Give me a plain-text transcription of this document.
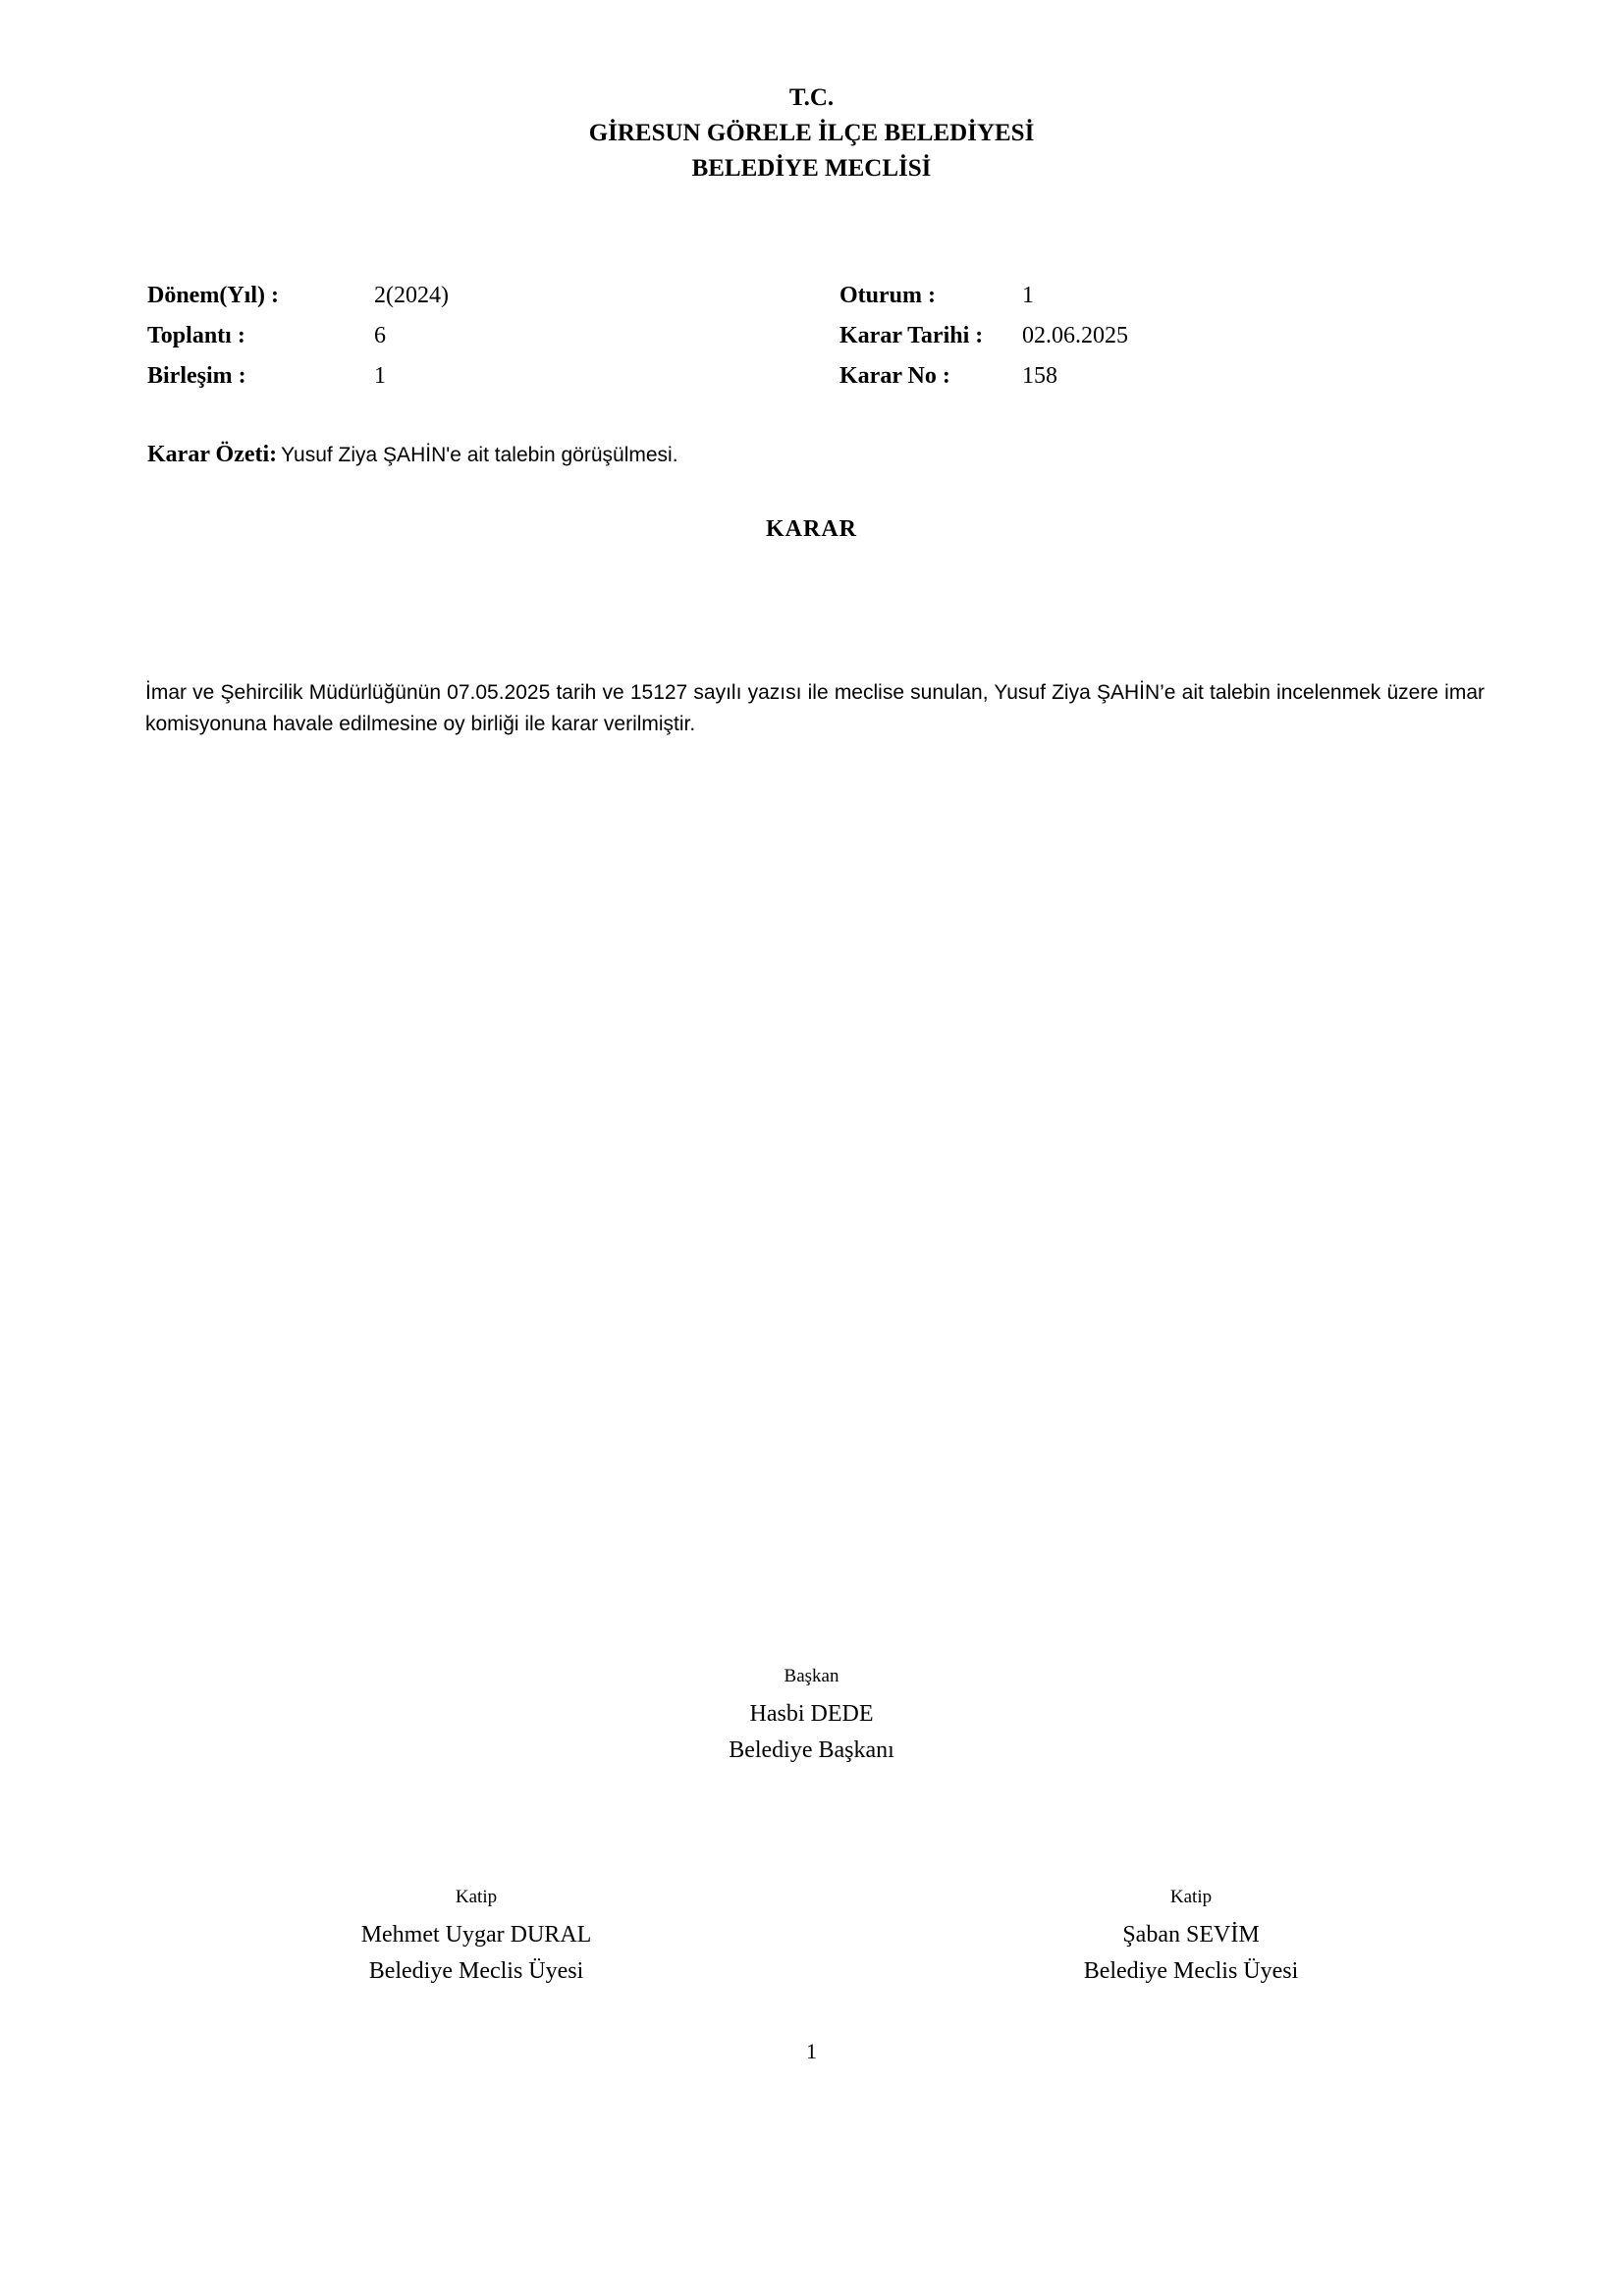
T.C.
GİRESUN GÖRELE İLÇE BELEDİYESİ
BELEDİYE MECLİSİ
Dönem(Yıl) :	2(2024)
Toplantı :	6
Birleşim :	1
Oturum :	1
Karar Tarihi : 02.06.2025
Karar No :	158
Karar Özeti: Yusuf Ziya ŞAHİN'e ait talebin görüşülmesi.
KARAR
İmar ve Şehircilik Müdürlüğünün 07.05.2025 tarih ve 15127 sayılı yazısı ile meclise sunulan, Yusuf Ziya ŞAHİN’e ait talebin incelenmek üzere imar komisyonuna havale edilmesine oy birliği ile karar verilmiştir.
Başkan
Hasbi DEDE
Belediye Başkanı
Katip
Mehmet Uygar DURAL
Belediye Meclis Üyesi
Katip
Şaban SEVİM
Belediye Meclis Üyesi
1
